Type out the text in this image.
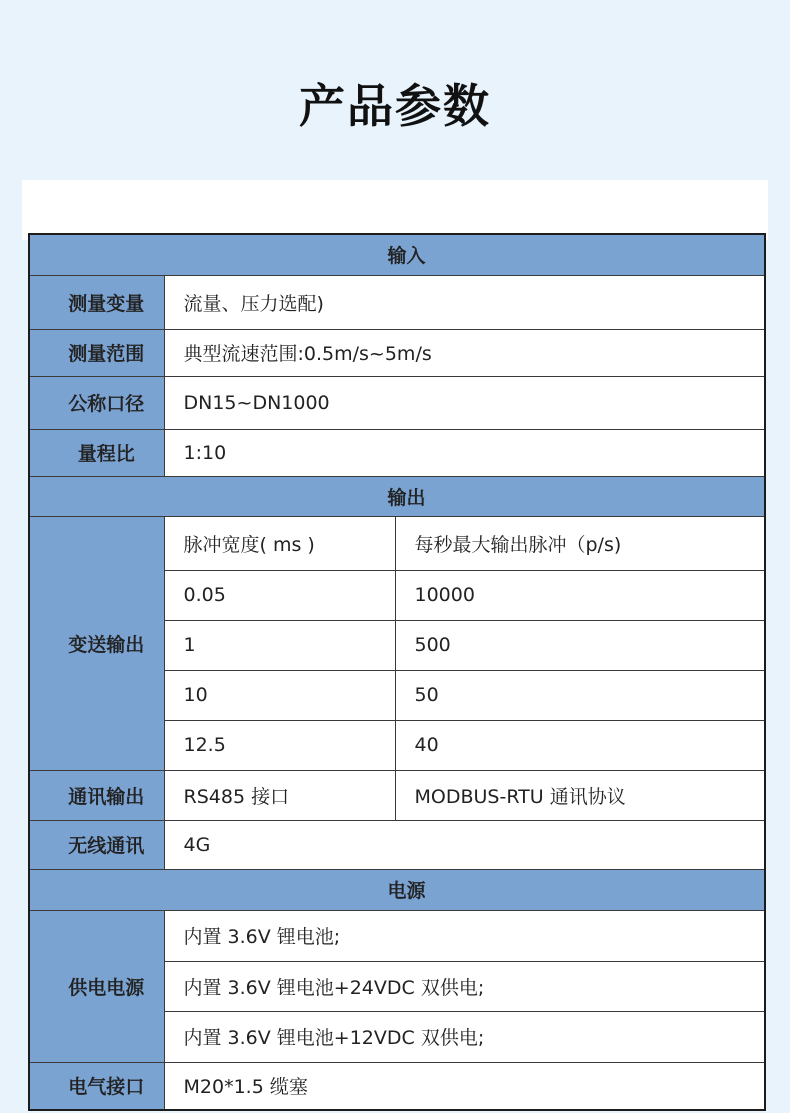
产品参数
输入		
测量变量	流量、压力选配)	
测量范围	典型流速范围:0.5m/s~5m/s	
公称口径	DN15~DN1000	
量程比	1:10	
输出		
变送输出	脉冲宽度( ms )	每秒最大输出脉冲（p/s)
	0.05	10000
	1	500
	10	50
	12.5	40
通讯输出	RS485 接口	MODBUS-RTU 通讯协议
无线通讯	4G	
电源		
供电电源	内置 3.6V 锂电池;	
	内置 3.6V 锂电池+24VDC 双供电;	
	内置 3.6V 锂电池+12VDC 双供电;	
电气接口	M20*1.5 缆塞	
